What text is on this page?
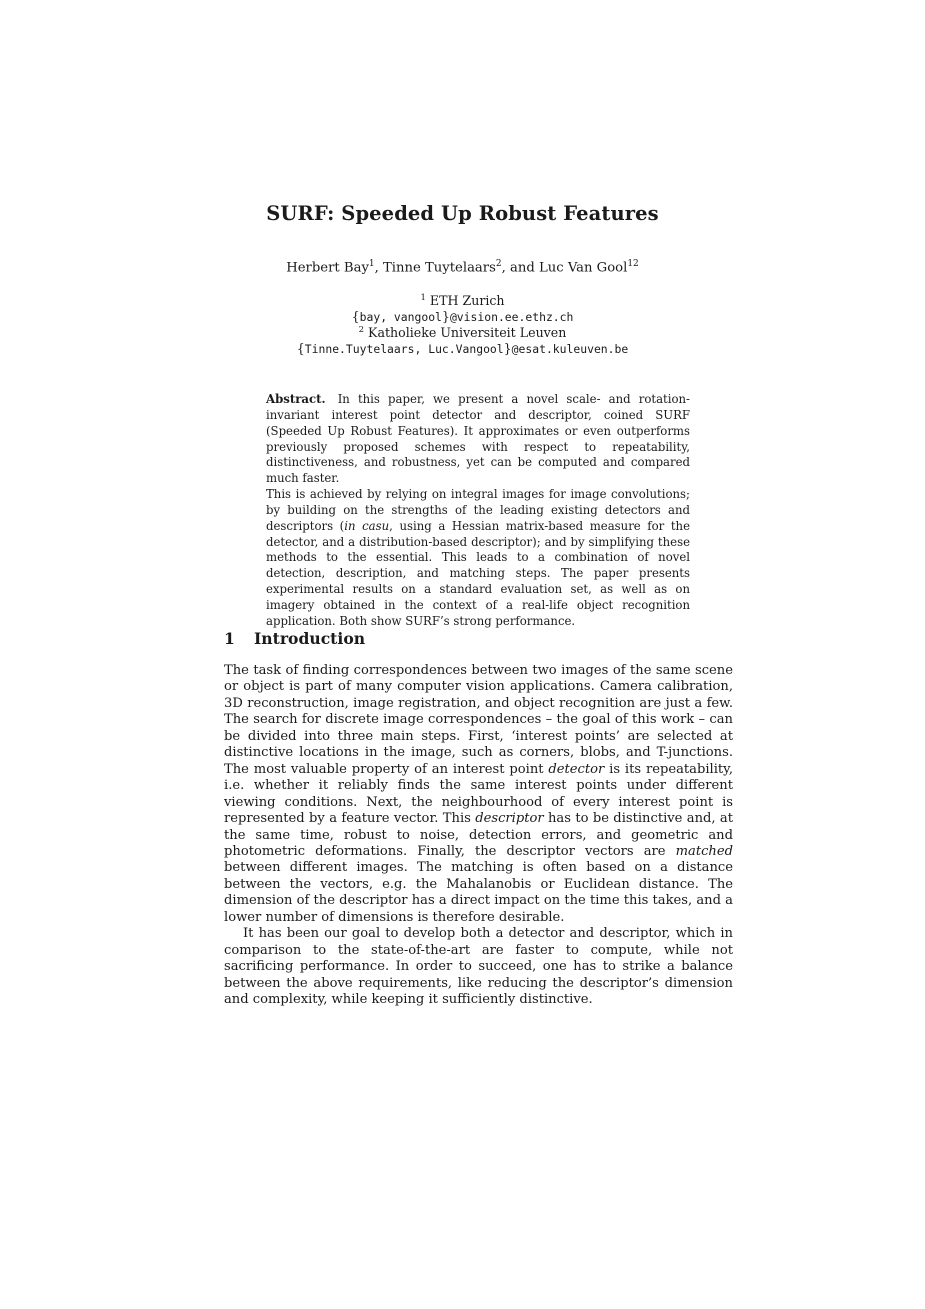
SURF: Speeded Up Robust Features
Herbert Bay$^1$, Tinne Tuytelaars$^2$, and Luc Van Gool$^{12}$
$^1$ ETH Zurich
{bay, vangool}@vision.ee.ethz.ch
$^2$ Katholieke Universiteit Leuven
{Tinne.Tuytelaars, Luc.Vangool}@esat.kuleuven.be

Abstract. In this paper, we present a novel scale- and rotation-invariant interest point detector and descriptor, coined SURF (Speeded Up Robust Features). It approximates or even outperforms previously proposed schemes with respect to repeatability, distinctiveness, and robustness, yet can be computed and compared much faster.

This is achieved by relying on integral images for image convolutions; by building on the strengths of the leading existing detectors and descriptors (in casu, using a Hessian matrix-based measure for the detector, and a distribution-based descriptor); and by simplifying these methods to the essential. This leads to a combination of novel detection, description, and matching steps. The paper presents experimental results on a standard evaluation set, as well as on imagery obtained in the context of a real-life object recognition application. Both show SURF’s strong performance.

1 Introduction

The task of finding correspondences between two images of the same scene or object is part of many computer vision applications. Camera calibration, 3D reconstruction, image registration, and object recognition are just a few. The search for discrete image correspondences – the goal of this work – can be divided into three main steps. First, ‘interest points’ are selected at distinctive locations in the image, such as corners, blobs, and T-junctions. The most valuable property of an interest point detector is its repeatability, i.e. whether it reliably finds the same interest points under different viewing conditions. Next, the neighbourhood of every interest point is represented by a feature vector. This descriptor has to be distinctive and, at the same time, robust to noise, detection errors, and geometric and photometric deformations. Finally, the descriptor vectors are matched between different images. The matching is often based on a distance between the vectors, e.g. the Mahalanobis or Euclidean distance. The dimension of the descriptor has a direct impact on the time this takes, and a lower number of dimensions is therefore desirable.

It has been our goal to develop both a detector and descriptor, which in comparison to the state-of-the-art are faster to compute, while not sacrificing performance. In order to succeed, one has to strike a balance between the above requirements, like reducing the descriptor’s dimension and complexity, while keeping it sufficiently distinctive.
